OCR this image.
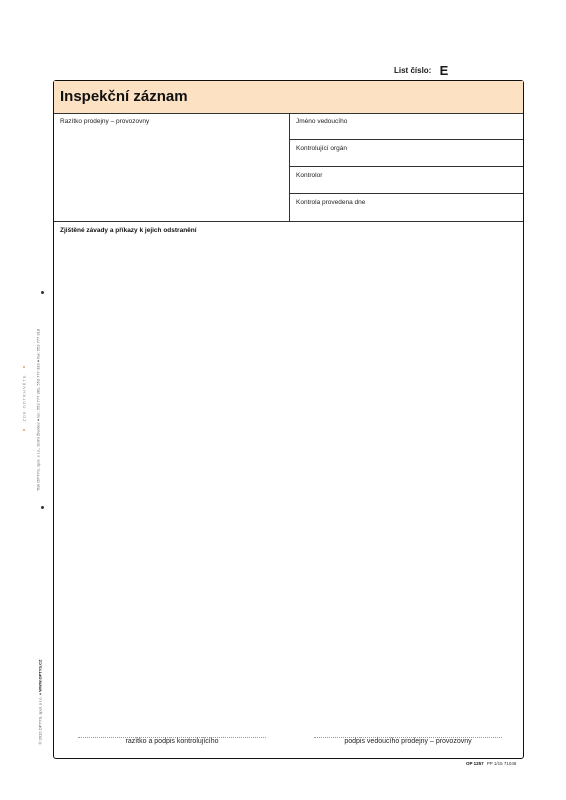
List číslo: E
Inspekční záznam
Razítko prodejny – provozovny	Jméno vedoucího
Kontrolující orgán
Kontrolor
Kontrola provedena dne
Zjištěné závady a příkazy k jejich odstranění
razítko a podpis kontrolujícího	podpis vedoucího prodejny – provozovny
ZDE ODTRHNĚTE Tisk OPTYS, spol. s r.o., Dolní Životice ● tel.: 553 777 381, 553 777 333 ● fax: 553 777 318
© 2012 OPTYS, spol. s r.o. ● WWW.OPTYS.CZ
OP 1257 PP 1/15 71048
